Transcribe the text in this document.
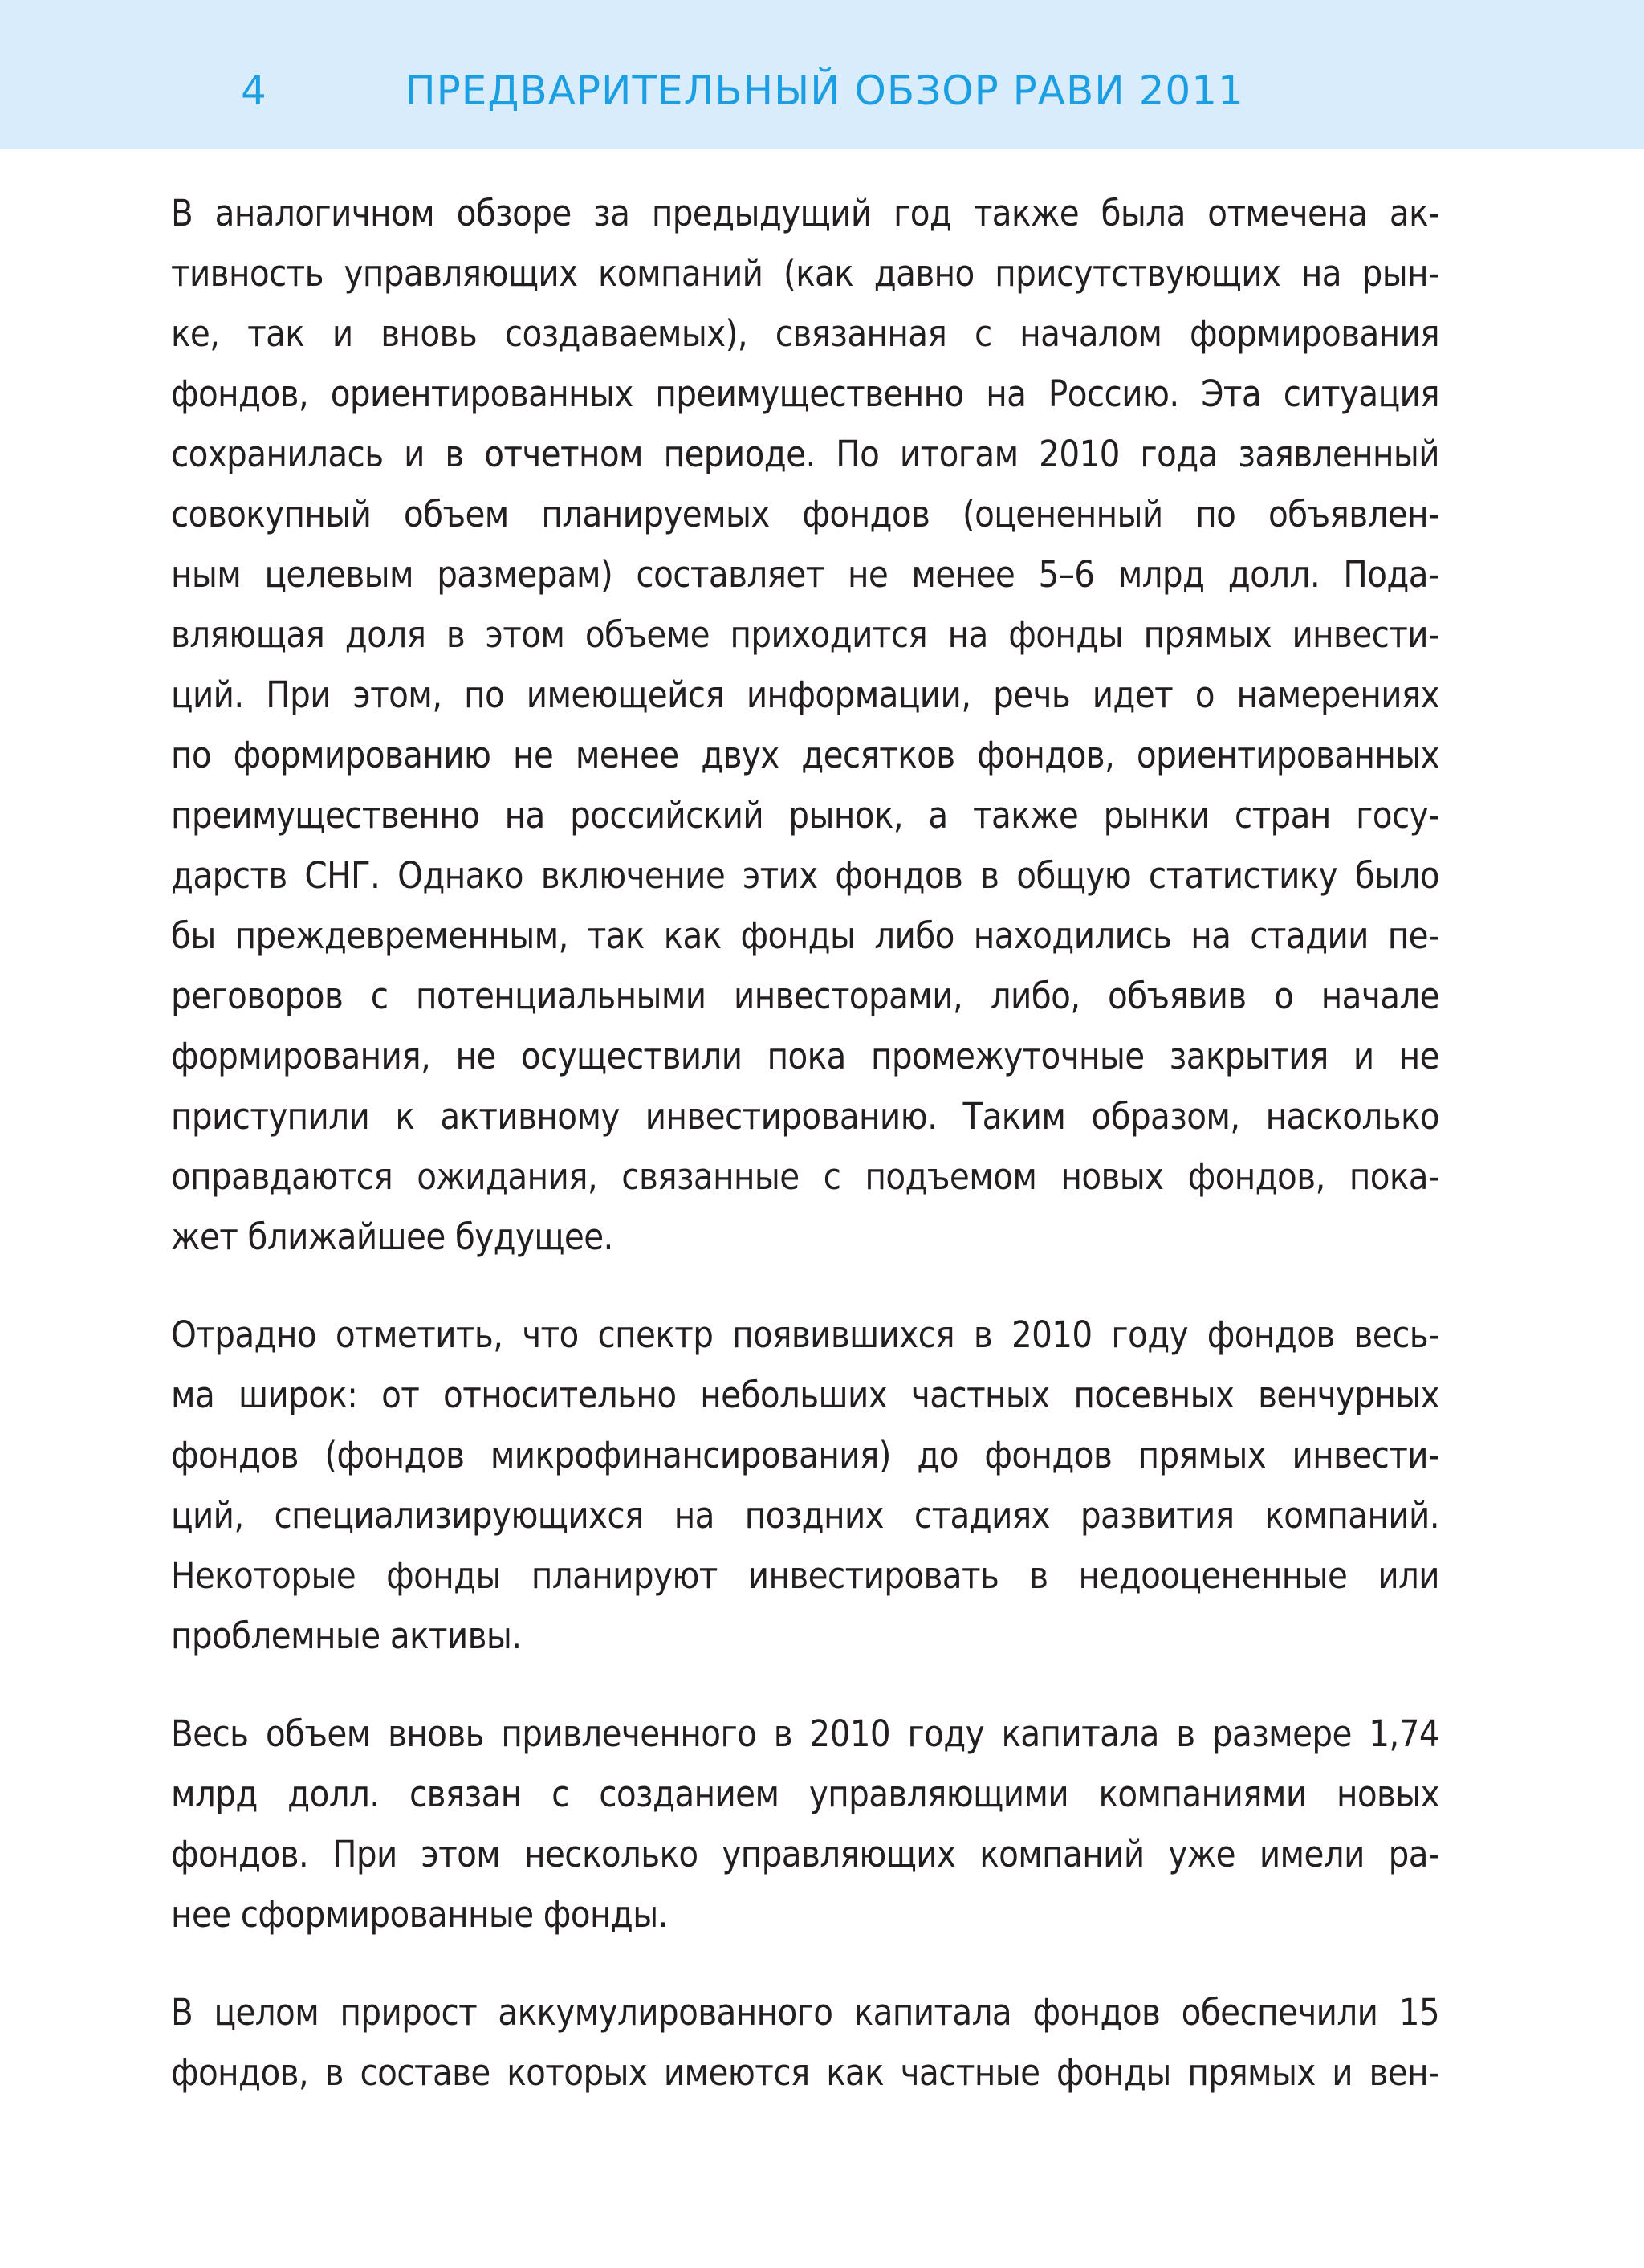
4	ПРЕДВАРИТЕЛЬНЫЙ ОБЗОР РАВИ 2011
В аналогичном обзоре за предыдущий год также была отмечена ак-
тивность управляющих компаний (как давно присутствующих на рын-
ке, так и вновь создаваемых), связанная с началом формирования
фондов, ориентированных преимущественно на Россию. Эта ситуация
сохранилась и в отчетном периоде. По итогам 2010 года заявленный
совокупный объем планируемых фондов (оцененный по объявлен-
ным целевым размерам) составляет не менее 5–6 млрд долл. Пода-
вляющая доля в этом объеме приходится на фонды прямых инвести-
ций. При этом, по имеющейся информации, речь идет о намерениях
по формированию не менее двух десятков фондов, ориентированных
преимущественно на российский рынок, а также рынки стран госу-
дарств СНГ. Однако включение этих фондов в общую статистику было
бы преждевременным, так как фонды либо находились на стадии пе-
реговоров с потенциальными инвесторами, либо, объявив о начале
формирования, не осуществили пока промежуточные закрытия и не
приступили к активному инвестированию. Таким образом, насколько
оправдаются ожидания, связанные с подъемом новых фондов, пока-
жет ближайшее будущее.
Отрадно отметить, что спектр появившихся в 2010 году фондов весь-
ма широк: от относительно небольших частных посевных венчурных
фондов (фондов микрофинансирования) до фондов прямых инвести-
ций, специализирующихся на поздних стадиях развития компаний.
Некоторые фонды планируют инвестировать в недооцененные или
проблемные активы.
Весь объем вновь привлеченного в 2010 году капитала в размере 1,74
млрд долл. связан с созданием управляющими компаниями новых
фондов. При этом несколько управляющих компаний уже имели ра-
нее сформированные фонды.
В целом прирост аккумулированного капитала фондов обеспечили 15
фондов, в составе которых имеются как частные фонды прямых и вен-
